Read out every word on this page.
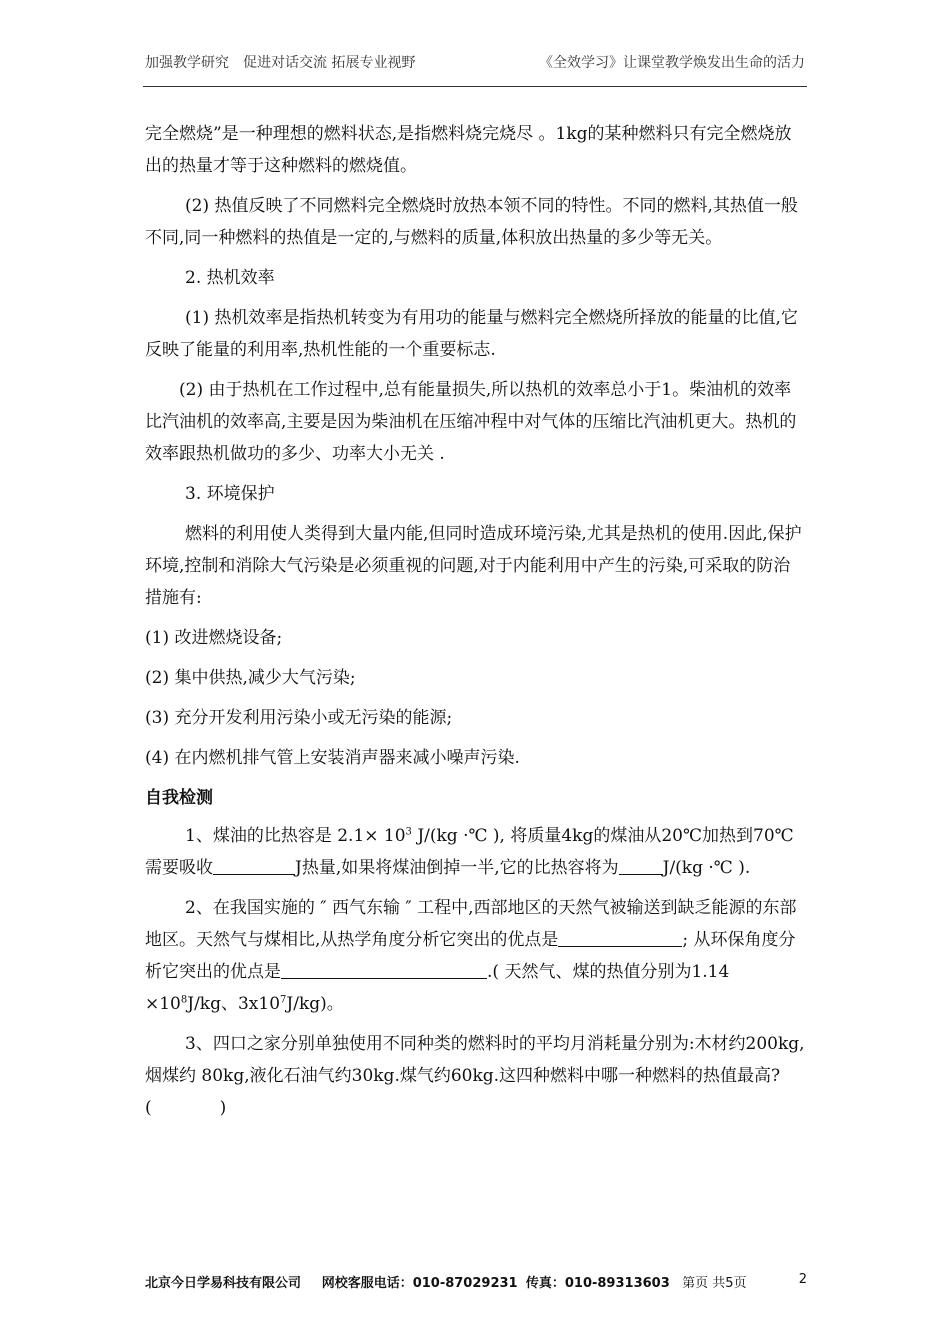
加强教学研究　促进对话交流 拓展专业视野	《全效学习》让课堂教学焕发出生命的活力

完全燃烧”是一种理想的燃料状态,是指燃料烧完烧尽 。1kg的某种燃料只有完全燃烧放出的热量才等于这种燃料的燃烧值。

(2) 热值反映了不同燃料完全燃烧时放热本领不同的特性。不同的燃料,其热值一般不同,同一种燃料的热值是一定的,与燃料的质量,体积放出热量的多少等无关。

2. 热机效率

(1) 热机效率是指热机转变为有用功的能量与燃料完全燃烧所择放的能量的比值,它反映了能量的利用率,热机性能的一个重要标志.

(2) 由于热机在工作过程中,总有能量损失,所以热机的效率总小于1。柴油机的效率比汽油机的效率高,主要是因为柴油机在压缩冲程中对气体的压缩比汽油机更大。热机的效率跟热机做功的多少、功率大小无关 .

3. 环境保护

燃料的利用使人类得到大量内能,但同时造成环境污染,尤其是热机的使用.因此,保护环境,控制和消除大气污染是必须重视的问题,对于内能利用中产生的污染,可采取的防治措施有:

(1) 改进燃烧设备;

(2) 集中供热,减少大气污染;

(3) 充分开发利用污染小或无污染的能源;

(4) 在内燃机排气管上安装消声器来减小噪声污染.

自我检测

1、煤油的比热容是 $2.1\times 10^3$ J/(kg ·℃ ), 将质量4kg的煤油从20℃加热到70℃需要吸收	J热量,如果将煤油倒掉一半,它的比热容将为	J/(kg ·℃ ).

2、在我国实施的 ″ 西气东输 ″ 工程中,西部地区的天然气被输送到缺乏能源的东部地区。天然气与煤相比,从热学角度分析它突出的优点是	; 从环保角度分析它突出的优点是	.( 天然气、煤的热值分别为$1.14 \times 10^8J/kg$、$3x10^7J/kg$)。

3、四口之家分别单独使用不同种类的燃料时的平均月消耗量分别为:木材约200kg,烟煤约 80kg,液化石油气约30kg.煤气约60kg.这四种燃料中哪一种燃料的热值最高?(　　　　)

北京今日学易科技有限公司 网校客服电话：010-87029231 传真：010-89313603 第页 共5页	2
